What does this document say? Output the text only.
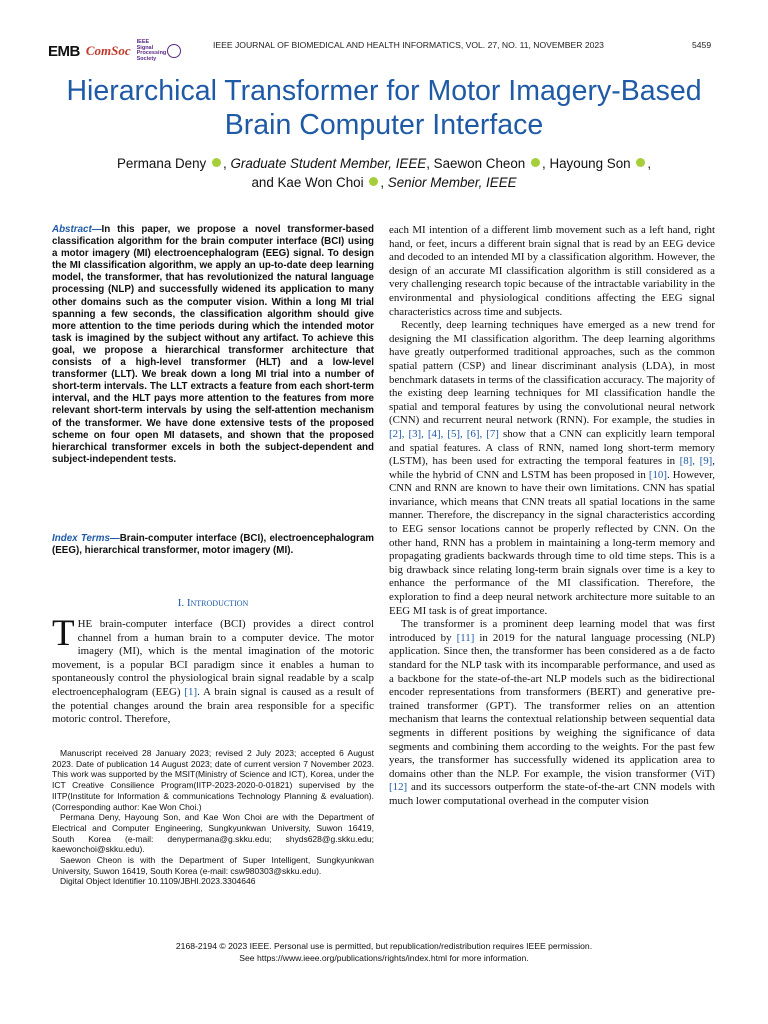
EMB ComSoc
IEEE Signal Processing Society
IEEE JOURNAL OF BIOMEDICAL AND HEALTH INFORMATICS, VOL. 27, NO. 11, NOVEMBER 2023	5459
Hierarchical Transformer for Motor Imagery-Based Brain Computer Interface
Permana Deny , Graduate Student Member, IEEE, Saewon Cheon , Hayoung Son ,
and Kae Won Choi , Senior Member, IEEE
Abstract—In this paper, we propose a novel transformer-based classification algorithm for the brain computer interface (BCI) using a motor imagery (MI) electroencephalogram (EEG) signal. To design the MI classification algorithm, we apply an up-to-date deep learning model, the transformer, that has revolutionized the natural language processing (NLP) and successfully widened its application to many other domains such as the computer vision. Within a long MI trial spanning a few seconds, the classification algorithm should give more attention to the time periods during which the intended motor task is imagined by the subject without any artifact. To achieve this goal, we propose a hierarchical transformer architecture that consists of a high-level transformer (HLT) and a low-level transformer (LLT). We break down a long MI trial into a number of short-term intervals. The LLT extracts a feature from each short-term interval, and the HLT pays more attention to the features from more relevant short-term intervals by using the self-attention mechanism of the transformer. We have done extensive tests of the proposed scheme on four open MI datasets, and shown that the proposed hierarchical transformer excels in both the subject-dependent and subject-independent tests.
Index Terms—Brain-computer interface (BCI), electroencephalogram (EEG), hierarchical transformer, motor imagery (MI).
I. Introduction
THE brain-computer interface (BCI) provides a direct control channel from a human brain to a computer device. The motor imagery (MI), which is the mental imagination of the motoric movement, is a popular BCI paradigm since it enables a human to spontaneously control the physiological brain signal readable by a scalp electroencephalogram (EEG) [1]. A brain signal is caused as a result of the potential changes around the brain area responsible for a specific motoric control. Therefore,

Manuscript received 28 January 2023; revised 2 July 2023; accepted 6 August 2023. Date of publication 14 August 2023; date of current version 7 November 2023. This work was supported by the MSIT(Ministry of Science and ICT), Korea, under the ICT Creative Consilience Program(IITP-2023-2020-0-01821) supervised by the IITP(Institute for Information & communications Technology Planning & evaluation). (Corresponding author: Kae Won Choi.)

Permana Deny, Hayoung Son, and Kae Won Choi are with the Department of Electrical and Computer Engineering, Sungkyunkwan University, Suwon 16419, South Korea (e-mail: denypermana@g.skku.edu; shyds628@g.skku.edu; kaewonchoi@skku.edu).

Saewon Cheon is with the Department of Super Intelligent, Sungkyunkwan University, Suwon 16419, South Korea (e-mail: csw980303@skku.edu).

Digital Object Identifier 10.1109/JBHI.2023.3304646

each MI intention of a different limb movement such as a left hand, right hand, or feet, incurs a different brain signal that is read by an EEG device and decoded to an intended MI by a classification algorithm. However, the design of an accurate MI classification algorithm is still considered as a very challenging research topic because of the intractable variability in the environmental and physiological conditions affecting the EEG signal characteristics across time and subjects.

Recently, deep learning techniques have emerged as a new trend for designing the MI classification algorithm. The deep learning algorithms have greatly outperformed traditional approaches, such as the common spatial pattern (CSP) and linear discriminant analysis (LDA), in most benchmark datasets in terms of the classification accuracy. The majority of the existing deep learning techniques for MI classification handle the spatial and temporal features by using the convolutional neural network (CNN) and recurrent neural network (RNN). For example, the studies in [2], [3], [4], [5], [6], [7] show that a CNN can explicitly learn temporal and spatial features. A class of RNN, named long short-term memory (LSTM), has been used for extracting the temporal features in [8], [9], while the hybrid of CNN and LSTM has been proposed in [10]. However, CNN and RNN are known to have their own limitations. CNN has spatial invariance, which means that CNN treats all spatial locations in the same manner. Therefore, the discrepancy in the signal characteristics according to EEG sensor locations cannot be properly reflected by CNN. On the other hand, RNN has a problem in maintaining a long-term memory and propagating gradients backwards through time to old time steps. This is a big drawback since relating long-term brain signals over time is a key to enhance the performance of the MI classification. Therefore, the exploration to find a deep neural network architecture more suitable to an EEG MI task is of great importance.

The transformer is a prominent deep learning model that was first introduced by [11] in 2019 for the natural language processing (NLP) application. Since then, the transformer has been considered as a de facto standard for the NLP task with its incomparable performance, and used as a backbone for the state-of-the-art NLP models such as the bidirectional encoder representations from transformers (BERT) and generative pre-trained transformer (GPT). The transformer relies on an attention mechanism that learns the contextual relationship between sequential data segments in different positions by weighing the significance of data segments and combining them according to the weights. For the past few years, the transformer has successfully widened its application area to domains other than the NLP. For example, the vision transformer (ViT) [12] and its successors outperform the state-of-the-art CNN models with much lower computational overhead in the computer vision

2168-2194 © 2023 IEEE. Personal use is permitted, but republication/redistribution requires IEEE permission.
See https://www.ieee.org/publications/rights/index.html for more information.
